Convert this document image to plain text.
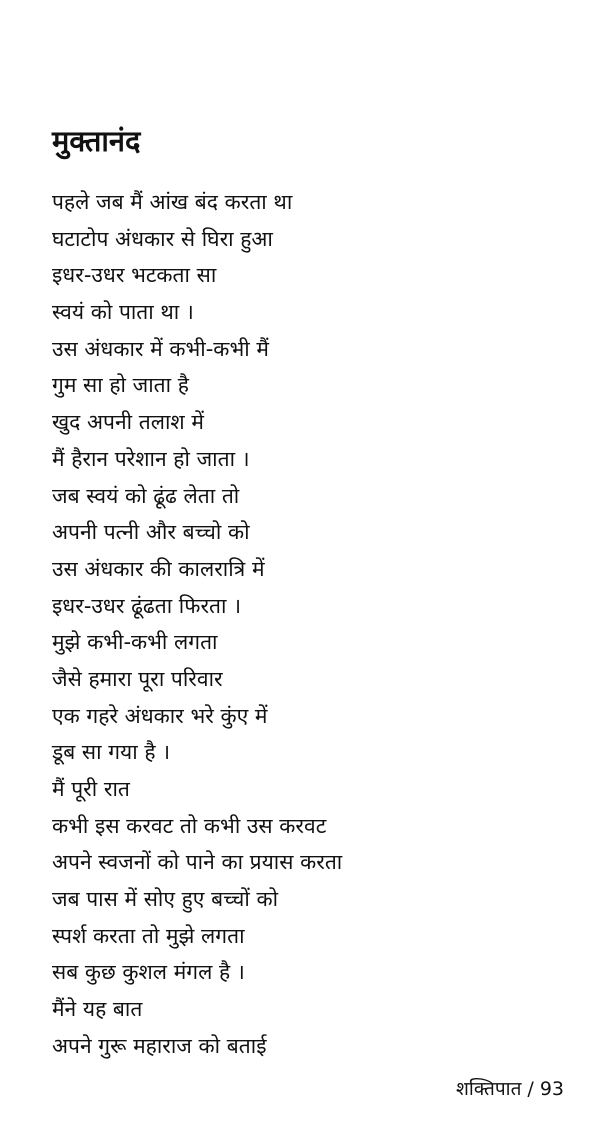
मुक्तानंद
पहले जब मैं आंख बंद करता था
घटाटोप अंधकार से घिरा हुआ
इधर-उधर भटकता सा
स्वयं को पाता था ।
उस अंधकार में कभी-कभी मैं
गुम सा हो जाता है
खुद अपनी तलाश में
मैं हैरान परेशान हो जाता ।
जब स्वयं को ढूंढ लेता तो
अपनी पत्नी और बच्चो को
उस अंधकार की कालरात्रि में
इधर-उधर ढूंढता फिरता ।
मुझे कभी-कभी लगता
जैसे हमारा पूरा परिवार
एक गहरे अंधकार भरे कुंए में
डूब सा गया है ।
मैं पूरी रात
कभी इस करवट तो कभी उस करवट
अपने स्वजनों को पाने का प्रयास करता
जब पास में सोए हुए बच्चों को
स्पर्श करता तो मुझे लगता
सब कुछ कुशल मंगल है ।
मैंने यह बात
अपने गुरू महाराज को बताई
शक्तिपात / 93
